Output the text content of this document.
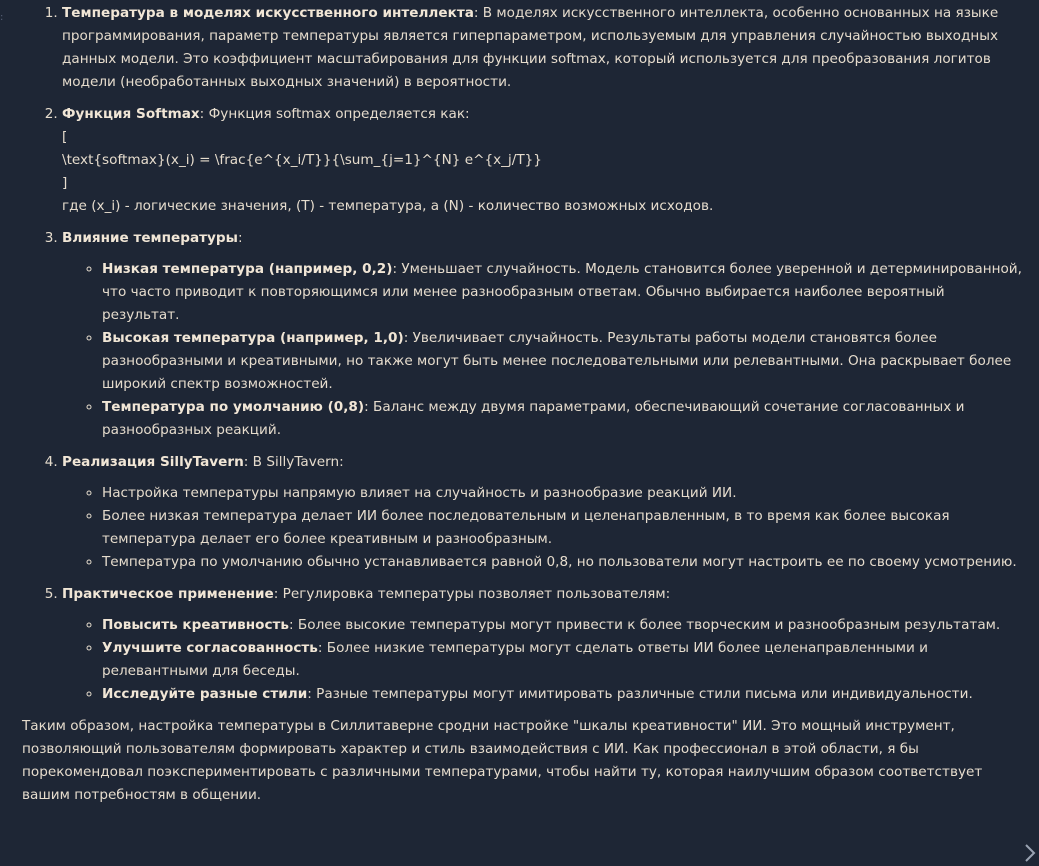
:
1.	Температура в моделях искусственного интеллекта: В моделях искусственного интеллекта, особенно основанных на языке программирования, параметр температуры является гиперпараметром, используемым для управления случайностью выходных данных модели. Это коэффициент масштабирования для функции softmax, который используется для преобразования логитов модели (необработанных выходных значений) в вероятности.
2. Функция Softmax: Функция softmax определяется как:
[
\text{softmax}(x_i) = \frac{e^{x_i/T}}{\sum_{j=1}^{N} e^{x_j/T}}
]
где (x_i) - логические значения, (T) - температура, а (N) - количество возможных исходов.
3. Влияние температуры:
◦ Низкая температура (например, 0,2): Уменьшает случайность. Модель становится более уверенной и детерминированной, что часто приводит к повторяющимся или менее разнообразным ответам. Обычно выбирается наиболее вероятный результат.
◦ Высокая температура (например, 1,0): Увеличивает случайность. Результаты работы модели становятся более разнообразными и креативными, но также могут быть менее последовательными или релевантными. Она раскрывает более широкий спектр возможностей.
◦ Температура по умолчанию (0,8): Баланс между двумя параметрами, обеспечивающий сочетание согласованных и разнообразных реакций.
4. Реализация SillyTavern: В SillyTavern:
◦ Настройка температуры напрямую влияет на случайность и разнообразие реакций ИИ.
◦ Более низкая температура делает ИИ более последовательным и целенаправленным, в то время как более высокая температура делает его более креативным и разнообразным.
◦ Температура по умолчанию обычно устанавливается равной 0,8, но пользователи могут настроить ее по своему усмотрению.
5. Практическое применение: Регулировка температуры позволяет пользователям:
◦ Повысить креативность: Более высокие температуры могут привести к более творческим и разнообразным результатам.
◦ Улучшите согласованность: Более низкие температуры могут сделать ответы ИИ более целенаправленными и релевантными для беседы.
◦ Исследуйте разные стили: Разные температуры могут имитировать различные стили письма или индивидуальности.

Таким образом, настройка температуры в Силлитаверне сродни настройке "шкалы креативности" ИИ. Это мощный инструмент, позволяющий пользователям формировать характер и стиль взаимодействия с ИИ. Как профессионал в этой области, я бы порекомендовал поэкспериментировать с различными температурами, чтобы найти ту, которая наилучшим образом соответствует вашим потребностям в общении.
